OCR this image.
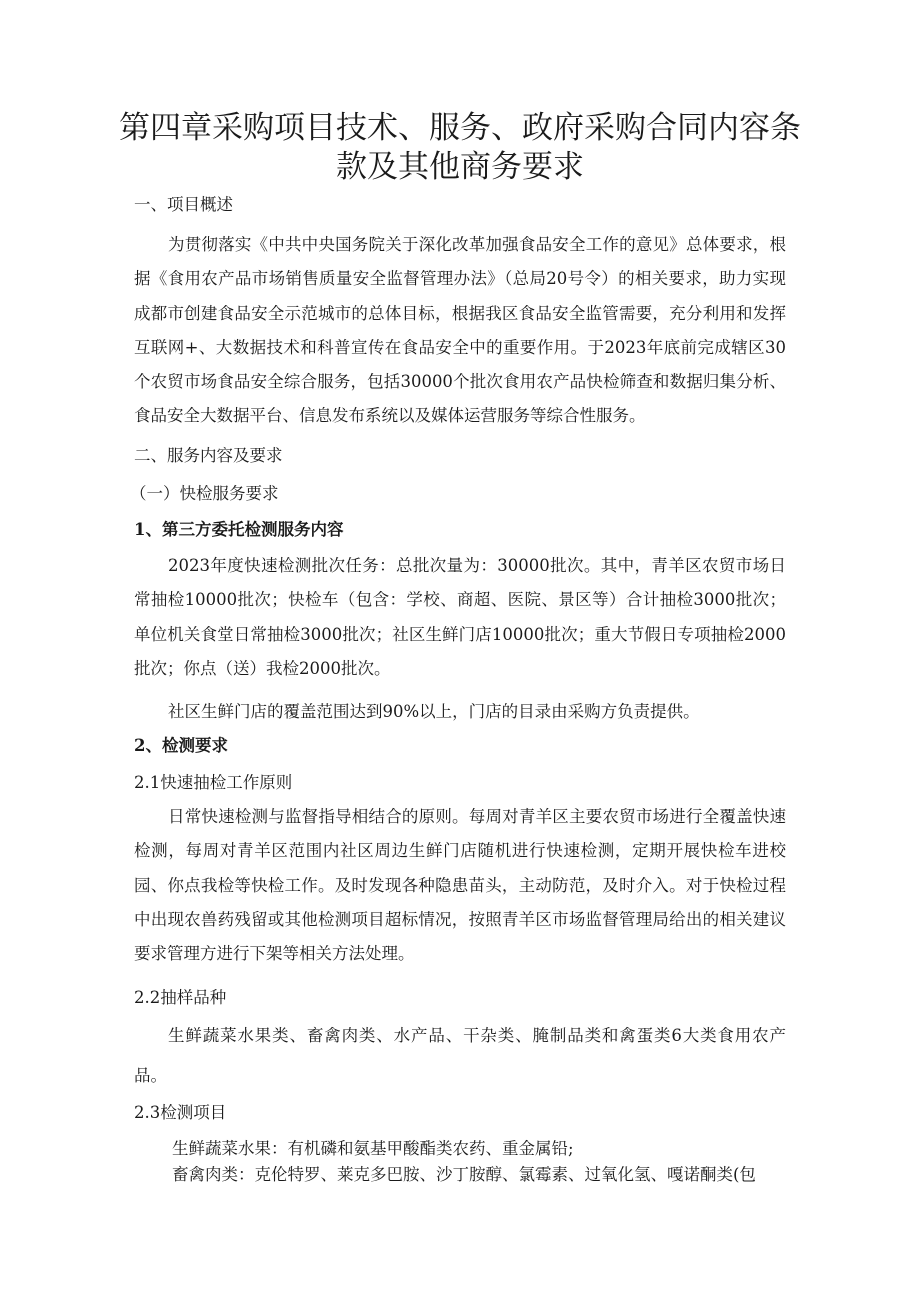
第四章采购项目技术、服务、政府采购合同内容条
款及其他商务要求

一、项目概述

为贯彻落实《中共中央国务院关于深化改革加强食品安全工作的意见》总体要求，根据《食用农产品市场销售质量安全监督管理办法》（总局20号令）的相关要求，助力实现成都市创建食品安全示范城市的总体目标，根据我区食品安全监管需要，充分利用和发挥互联网+、大数据技术和科普宣传在食品安全中的重要作用。于2023年底前完成辖区30个农贸市场食品安全综合服务，包括30000个批次食用农产品快检筛查和数据归集分析、食品安全大数据平台、信息发布系统以及媒体运营服务等综合性服务。

二、服务内容及要求

（一）快检服务要求

1、第三方委托检测服务内容

2023年度快速检测批次任务：总批次量为：30000批次。其中，青羊区农贸市场日常抽检10000批次；快检车（包含：学校、商超、医院、景区等）合计抽检3000批次；单位机关食堂日常抽检3000批次；社区生鲜门店10000批次；重大节假日专项抽检2000批次；你点（送）我检2000批次。

社区生鲜门店的覆盖范围达到90%以上，门店的目录由采购方负责提供。

2、检测要求

2.1快速抽检工作原则

日常快速检测与监督指导相结合的原则。每周对青羊区主要农贸市场进行全覆盖快速检测，每周对青羊区范围内社区周边生鲜门店随机进行快速检测，定期开展快检车进校园、你点我检等快检工作。及时发现各种隐患苗头，主动防范，及时介入。对于快检过程中出现农兽药残留或其他检测项目超标情况，按照青羊区市场监督管理局给出的相关建议要求管理方进行下架等相关方法处理。

2.2抽样品种

生鲜蔬菜水果类、畜禽肉类、水产品、干杂类、腌制品类和禽蛋类6大类食用农产品。

2.3检测项目

生鲜蔬菜水果：有机磷和氨基甲酸酯类农药、重金属铅;

畜禽肉类：克伦特罗、莱克多巴胺、沙丁胺醇、氯霉素、过氧化氢、嘎诺酮类(包
